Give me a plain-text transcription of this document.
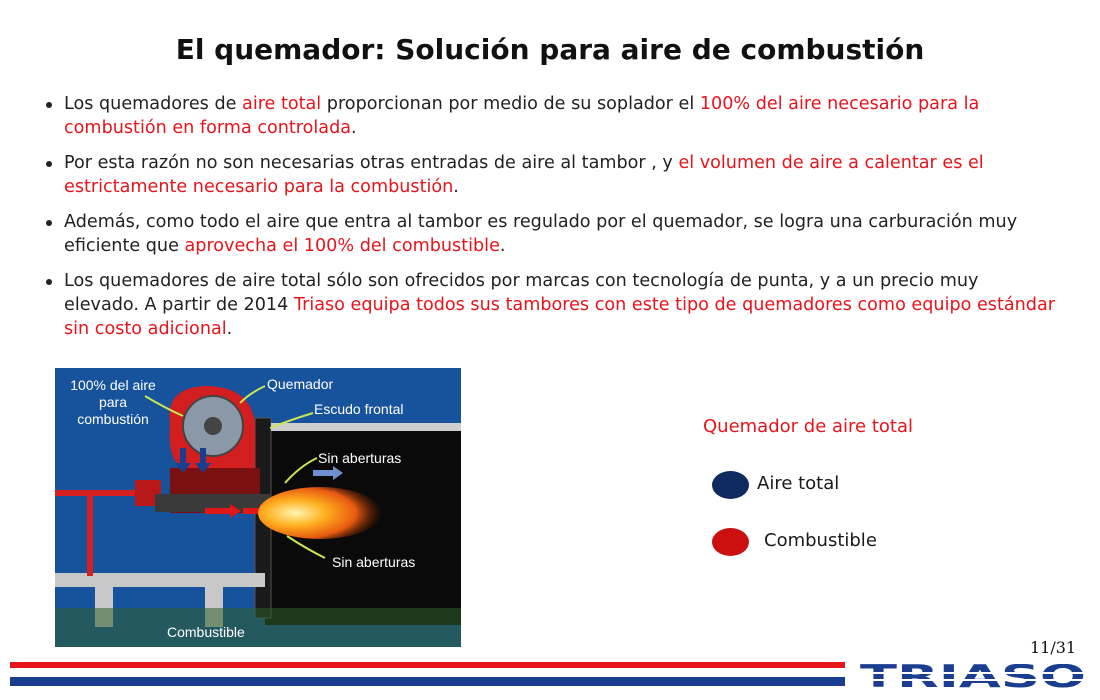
El quemador: Solución para aire de combustión
Los quemadores de aire total proporcionan por medio de su soplador el 100% del aire necesario para la combustión en forma controlada.
Por esta razón no son necesarias otras entradas de aire al tambor , y el volumen de aire a calentar es el estrictamente necesario para la combustión.
Además, como todo el aire que entra al tambor es regulado por el quemador, se logra una carburación muy eficiente que aprovecha el 100% del combustible.
Los quemadores de aire total sólo son ofrecidos por marcas con tecnología de punta, y a un precio muy elevado. A partir de 2014 Triaso equipa todos sus tambores con este tipo de quemadores como equipo estándar sin costo adicional.
100% del aire
para
combustión
Quemador
Escudo frontal
Sin aberturas
Sin aberturas
Combustible
Quemador de aire total
Aire total
Combustible
11/31
TRIASO
